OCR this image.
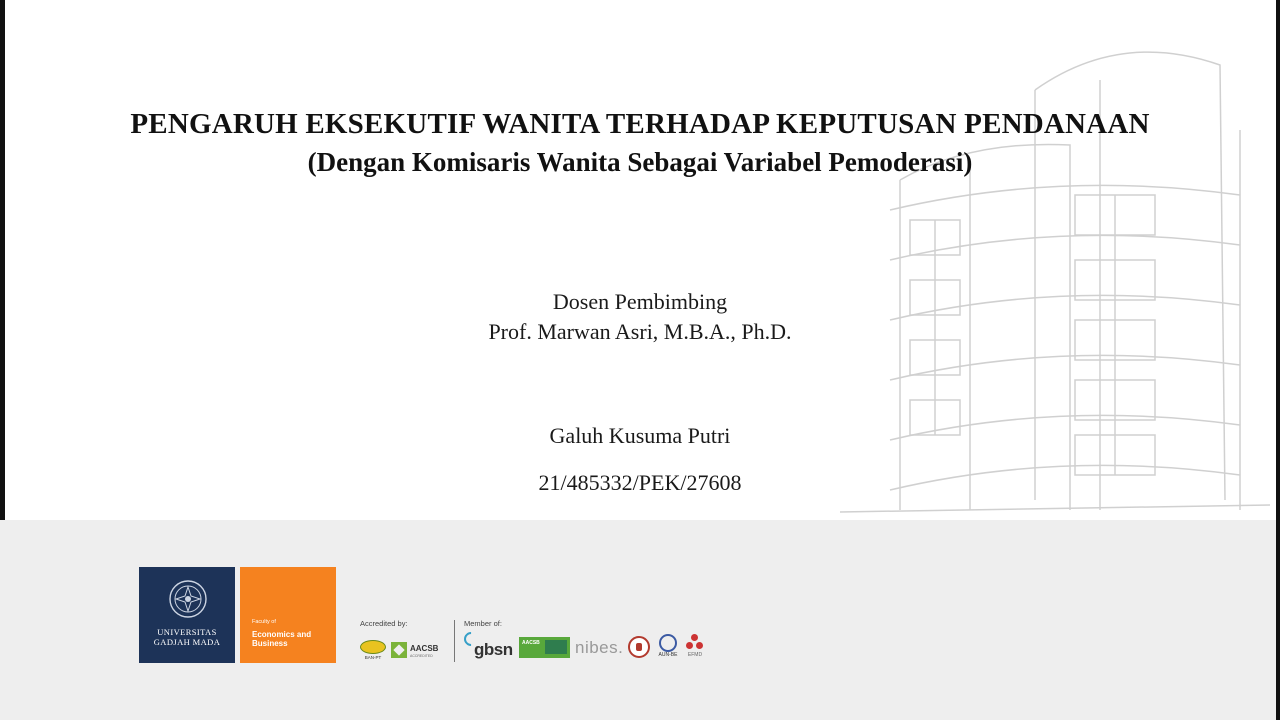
PENGARUH EKSEKUTIF WANITA TERHADAP KEPUTUSAN PENDANAAN
(Dengan Komisaris Wanita Sebagai Variabel Pemoderasi)
Dosen Pembimbing
Prof. Marwan Asri, M.B.A., Ph.D.
Galuh Kusuma Putri
21/485332/PEK/27608
UNIVERSITAS GADJAH MADA
Faculty of
Economics and Business
Accredited by:	Member of:
BAN-PT
AACSB
ACCREDITED gbsn AACSB nibes.	AUN-BE	EFMD
